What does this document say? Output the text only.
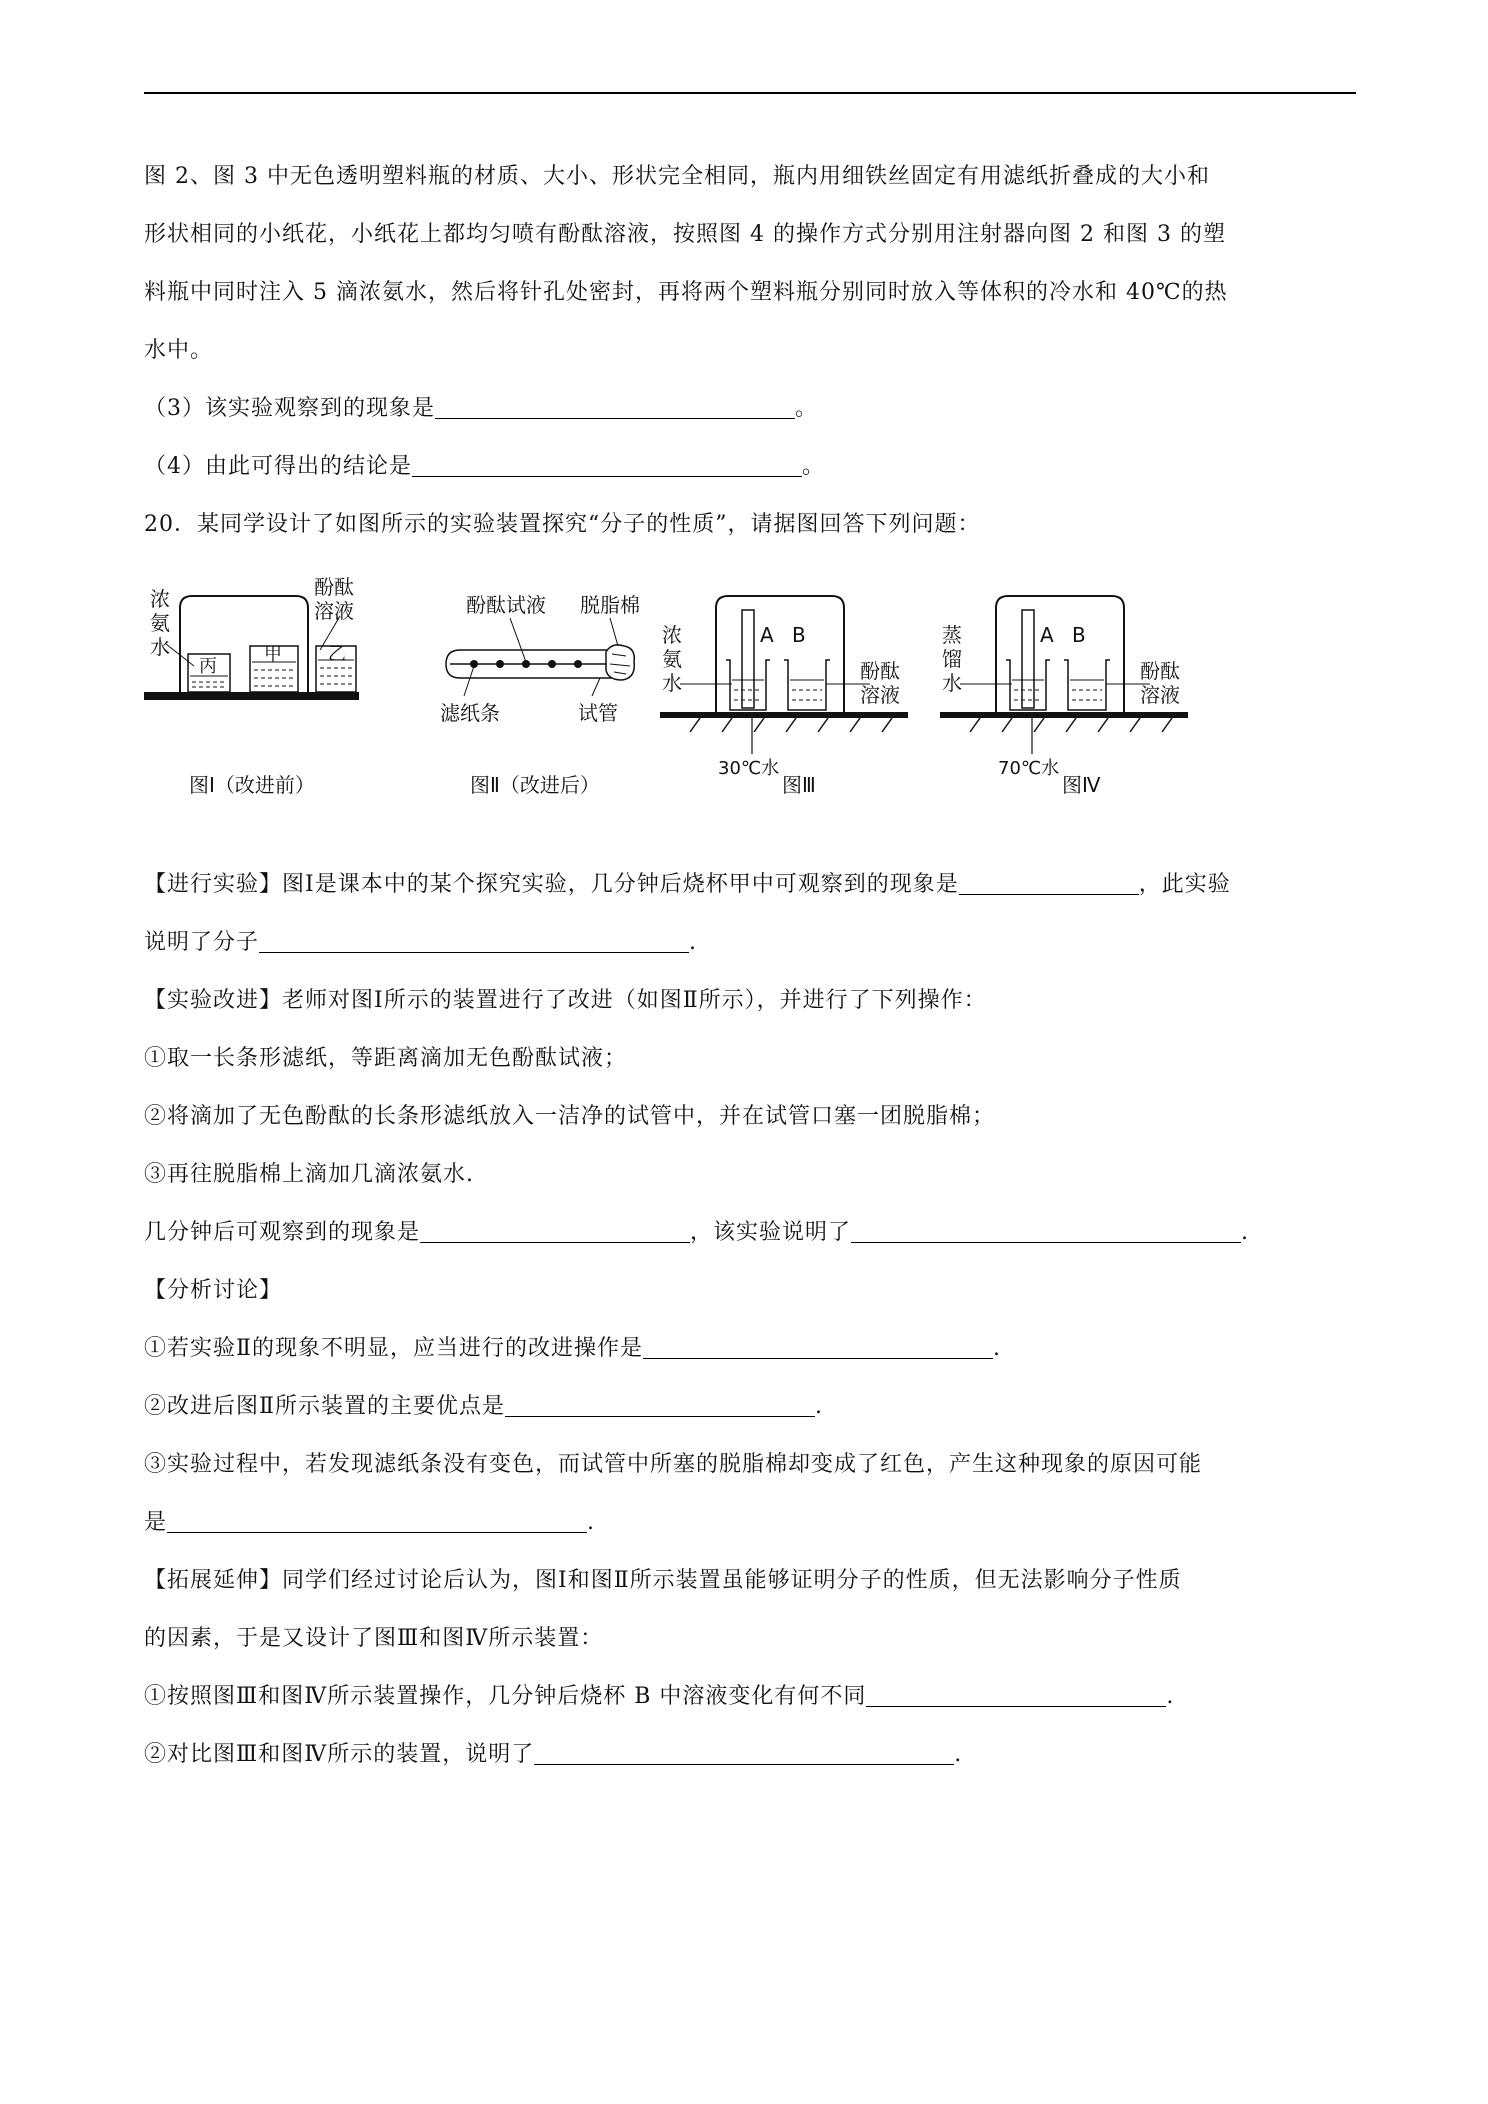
图 2、图 3 中无色透明塑料瓶的材质、大小、形状完全相同，瓶内用细铁丝固定有用滤纸折叠成的大小和

形状相同的小纸花，小纸花上都均匀喷有酚酞溶液，按照图 4 的操作方式分别用注射器向图 2 和图 3 的塑

料瓶中同时注入 5 滴浓氨水，然后将针孔处密封，再将两个塑料瓶分别同时放入等体积的冷水和 40℃的热

水中。

（3）该实验观察到的现象是	。

（4）由此可得出的结论是	。

20．某同学设计了如图所示的实验装置探究“分子的性质”，请据图回答下列问题：

浓
氨
水
酚酞
溶液
丙
甲	乙
图Ⅰ（改进前）
酚酞试液 脱脂棉
滤纸条	试管
图Ⅱ（改进后）
浓
氨
水
A B
酚酞
溶液
30℃水
图Ⅲ
蒸
馏
水
A B
酚酞
溶液
70℃水
图Ⅳ

【进行实验】图Ⅰ是课本中的某个探究实验，几分钟后烧杯甲中可观察到的现象是	，此实验

说明了分子	.

【实验改进】老师对图Ⅰ所示的装置进行了改进（如图Ⅱ所示），并进行了下列操作：

①取一长条形滤纸，等距离滴加无色酚酞试液；

②将滴加了无色酚酞的长条形滤纸放入一洁净的试管中，并在试管口塞一团脱脂棉；

③再往脱脂棉上滴加几滴浓氨水.

几分钟后可观察到的现象是	，该实验说明了	.

【分析讨论】

①若实验Ⅱ的现象不明显，应当进行的改进操作是	.

②改进后图Ⅱ所示装置的主要优点是	.

③实验过程中，若发现滤纸条没有变色，而试管中所塞的脱脂棉却变成了红色，产生这种现象的原因可能

是	.

【拓展延伸】同学们经过讨论后认为，图Ⅰ和图Ⅱ所示装置虽能够证明分子的性质，但无法影响分子性质

的因素，于是又设计了图Ⅲ和图Ⅳ所示装置：

①按照图Ⅲ和图Ⅳ所示装置操作，几分钟后烧杯 B 中溶液变化有何不同	.

②对比图Ⅲ和图Ⅳ所示的装置，说明了	.
